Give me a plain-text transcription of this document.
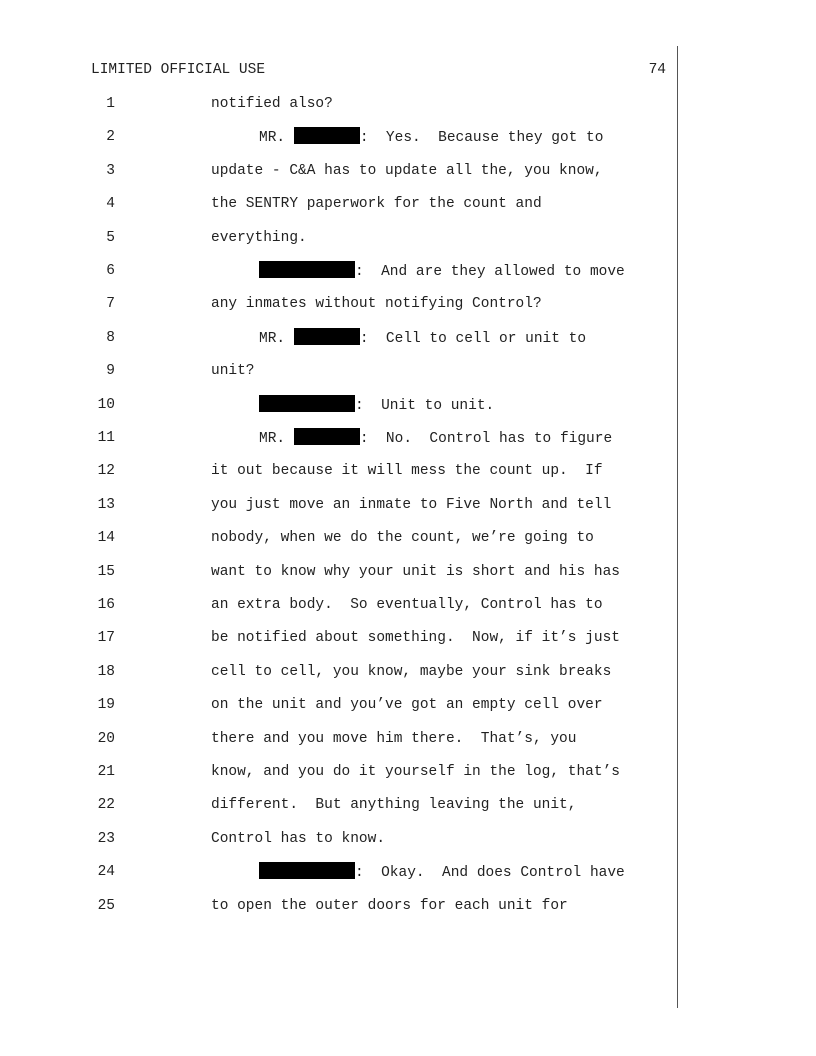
LIMITED OFFICIAL USE	74
1	notified also?
2	MR.	:  Yes.  Because they got to
3	update - C&A has to update all the, you know,
4	the SENTRY paperwork for the count and
5	everything.
6	:  And are they allowed to move
7	any inmates without notifying Control?
8	MR.	:  Cell to cell or unit to
9	unit?
10	:  Unit to unit.
11	MR.	:  No.  Control has to figure
12	it out because it will mess the count up.  If
13	you just move an inmate to Five North and tell
14	nobody, when we do the count, we’re going to
15	want to know why your unit is short and his has
16	an extra body.  So eventually, Control has to
17	be notified about something.  Now, if it’s just
18	cell to cell, you know, maybe your sink breaks
19	on the unit and you’ve got an empty cell over
20	there and you move him there.  That’s, you
21	know, and you do it yourself in the log, that’s
22	different.  But anything leaving the unit,
23	Control has to know.
24	:  Okay.  And does Control have
25	to open the outer doors for each unit for
